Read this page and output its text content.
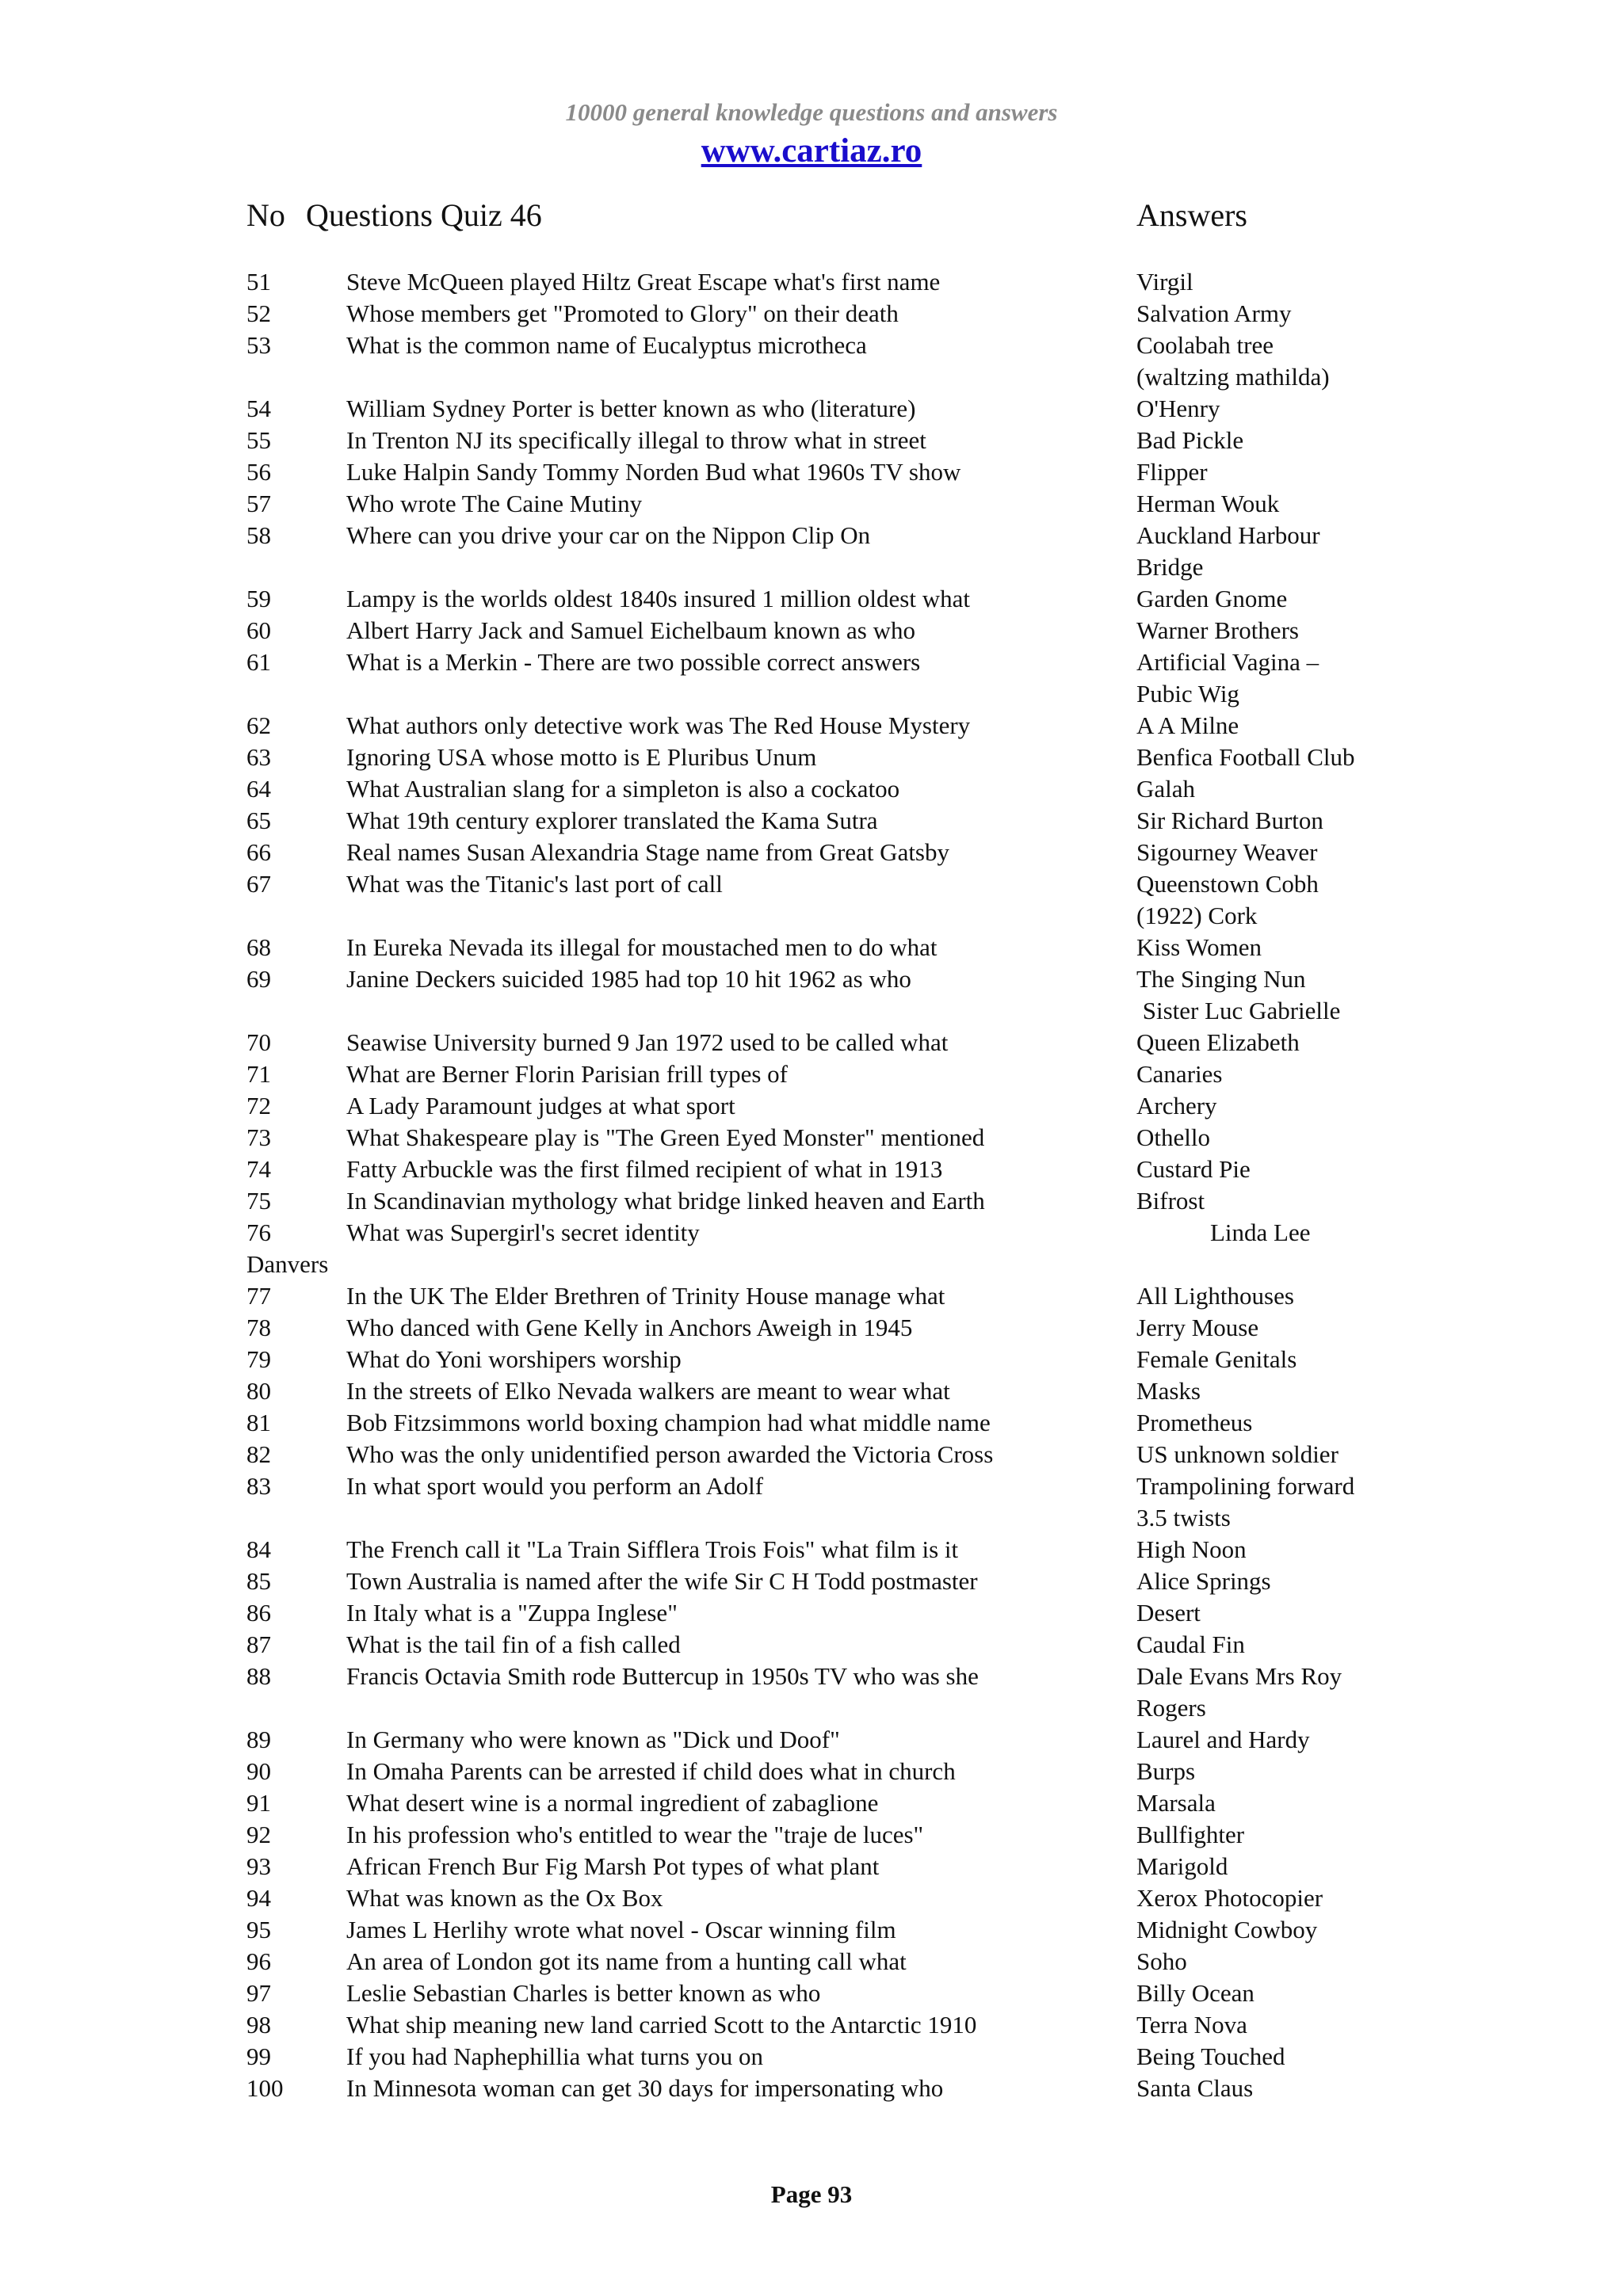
10000 general knowledge questions and answers
www.cartiaz.ro
No Questions Quiz 46	Answers
51	Steve McQueen played Hiltz Great Escape what's first name	Virgil
52	Whose members get "Promoted to Glory" on their death	Salvation Army
53	What is the common name of Eucalyptus microtheca	Coolabah tree
(waltzing mathilda)
54	William Sydney Porter is better known as who (literature)	O'Henry
55	In Trenton NJ its specifically illegal to throw what in street	Bad Pickle
56	Luke Halpin Sandy Tommy Norden Bud what 1960s TV show	Flipper
57	Who wrote The Caine Mutiny	Herman Wouk
58	Where can you drive your car on the Nippon Clip On	Auckland Harbour
Bridge
59	Lampy is the worlds oldest 1840s insured 1 million oldest what	Garden Gnome
60	Albert Harry Jack and Samuel Eichelbaum known as who	Warner Brothers
61	What is a Merkin - There are two possible correct answers	Artificial Vagina –
Pubic Wig
62	What authors only detective work was The Red House Mystery	A A Milne
63	Ignoring USA whose motto is E Pluribus Unum	Benfica Football Club
64	What Australian slang for a simpleton is also a cockatoo	Galah
65	What 19th century explorer translated the Kama Sutra	Sir Richard Burton
66	Real names Susan Alexandria Stage name from Great Gatsby	Sigourney Weaver
67	What was the Titanic's last port of call	Queenstown Cobh
(1922) Cork
68	In Eureka Nevada its illegal for moustached men to do what	Kiss Women
69	Janine Deckers suicided 1985 had top 10 hit 1962 as who	The Singing Nun
Sister Luc Gabrielle
70	Seawise University burned 9 Jan 1972 used to be called what	Queen Elizabeth
71	What are Berner Florin Parisian frill types of	Canaries
72	A Lady Paramount judges at what sport	Archery
73	What Shakespeare play is "The Green Eyed Monster" mentioned	Othello
74	Fatty Arbuckle was the first filmed recipient of what in 1913	Custard Pie
75	In Scandinavian mythology what bridge linked heaven and Earth	Bifrost
76	What was Supergirl's secret identity	Linda Lee
Danvers
77	In the UK The Elder Brethren of Trinity House manage what	All Lighthouses
78	Who danced with Gene Kelly in Anchors Aweigh in 1945	Jerry Mouse
79	What do Yoni worshipers worship	Female Genitals
80	In the streets of Elko Nevada walkers are meant to wear what	Masks
81	Bob Fitzsimmons world boxing champion had what middle name	Prometheus
82	Who was the only unidentified person awarded the Victoria Cross	US unknown soldier
83	In what sport would you perform an Adolf	Trampolining forward
3.5 twists
84	The French call it "La Train Sifflera Trois Fois" what film is it	High Noon
85	Town Australia is named after the wife Sir C H Todd postmaster	Alice Springs
86	In Italy what is a "Zuppa Inglese"	Desert
87	What is the tail fin of a fish called	Caudal Fin
88	Francis Octavia Smith rode Buttercup in 1950s TV who was she	Dale Evans Mrs Roy
Rogers
89	In Germany who were known as "Dick und Doof"	Laurel and Hardy
90	In Omaha Parents can be arrested if child does what in church	Burps
91	What desert wine is a normal ingredient of zabaglione	Marsala
92	In his profession who's entitled to wear the "traje de luces"	Bullfighter
93	African French Bur Fig Marsh Pot types of what plant	Marigold
94	What was known as the Ox Box	Xerox Photocopier
95	James L Herlihy wrote what novel - Oscar winning film	Midnight Cowboy
96	An area of London got its name from a hunting call what	Soho
97	Leslie Sebastian Charles is better known as who	Billy Ocean
98	What ship meaning new land carried Scott to the Antarctic 1910	Terra Nova
99	If you had Naphephillia what turns you on	Being Touched
100	In Minnesota woman can get 30 days for impersonating who	Santa Claus
Page 93
